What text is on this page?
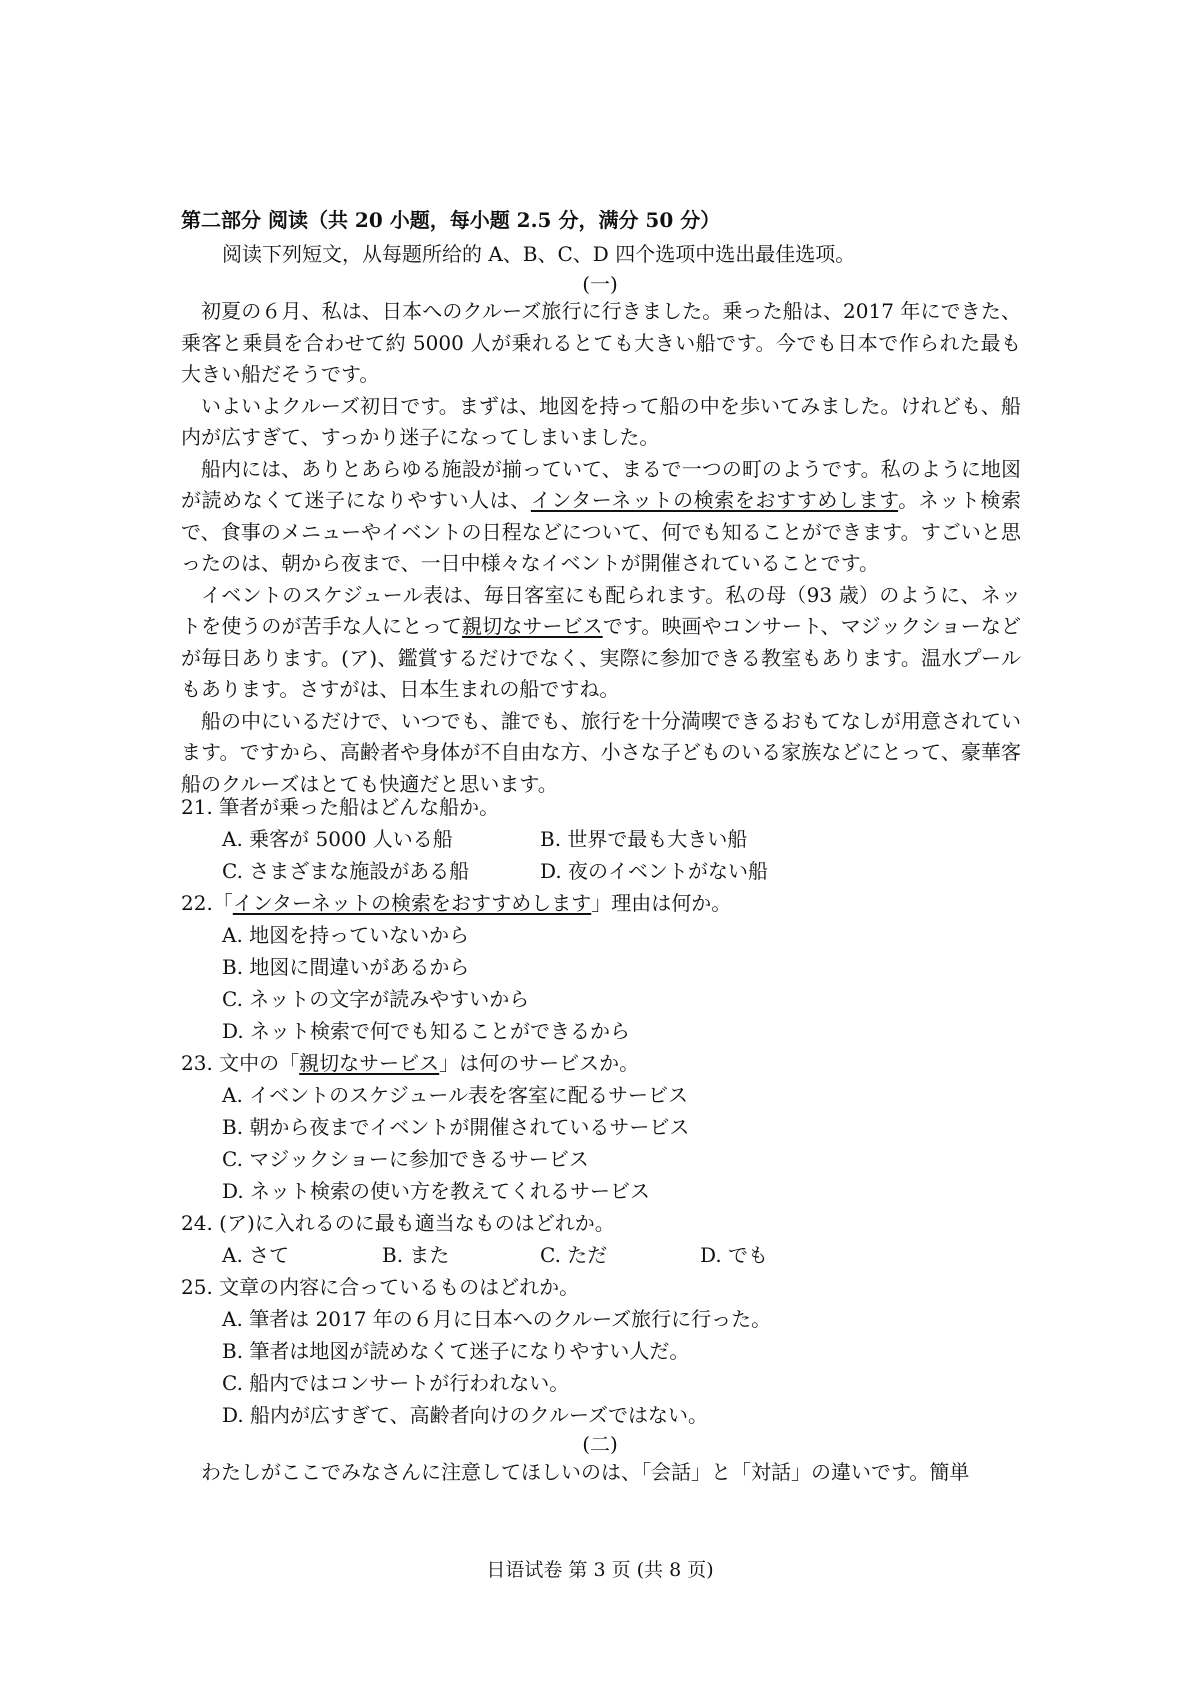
第二部分 阅读（共 20 小题，每小题 2.5 分，满分 50 分）
阅读下列短文，从每题所给的 A、B、C、D 四个选项中选出最佳选项。
(一)

初夏の６月、私は、日本へのクルーズ旅行に行きました。乗った船は、2017 年にできた、乗客と乗員を合わせて約 5000 人が乗れるとても大きい船です。今でも日本で作られた最も大きい船だそうです。

いよいよクルーズ初日です。まずは、地図を持って船の中を歩いてみました。けれども、船内が広すぎて、すっかり迷子になってしまいました。

船内には、ありとあらゆる施設が揃っていて、まるで一つの町のようです。私のように地図が読めなくて迷子になりやすい人は、インターネットの検索をおすすめします。ネット検索で、食事のメニューやイベントの日程などについて、何でも知ることができます。すごいと思ったのは、朝から夜まで、一日中様々なイベントが開催されていることです。

イベントのスケジュール表は、毎日客室にも配られます。私の母（93 歳）のように、ネットを使うのが苦手な人にとって親切なサービスです。映画やコンサート、マジックショーなどが毎日あります。(ア)、鑑賞するだけでなく、実際に参加できる教室もあります。温水プールもあります。さすがは、日本生まれの船ですね。

船の中にいるだけで、いつでも、誰でも、旅行を十分満喫できるおもてなしが用意されています。ですから、高齢者や身体が不自由な方、小さな子どものいる家族などにとって、豪華客船のクルーズはとても快適だと思います。

21. 筆者が乗った船はどんな船か。
A. 乗客が 5000 人いる船	B. 世界で最も大きい船
C. さまざまな施設がある船	D. 夜のイベントがない船
22.「インターネットの検索をおすすめします」理由は何か。
A. 地図を持っていないから
B. 地図に間違いがあるから
C. ネットの文字が読みやすいから
D. ネット検索で何でも知ることができるから
23. 文中の「親切なサービス」は何のサービスか。
A. イベントのスケジュール表を客室に配るサービス
B. 朝から夜までイベントが開催されているサービス
C. マジックショーに参加できるサービス
D. ネット検索の使い方を教えてくれるサービス
24. (ア)に入れるのに最も適当なものはどれか。
A. さて	B. また	C. ただ	D. でも
25. 文章の内容に合っているものはどれか。
A. 筆者は 2017 年の６月に日本へのクルーズ旅行に行った。
B. 筆者は地図が読めなくて迷子になりやすい人だ。
C. 船内ではコンサートが行われない。
D. 船内が広すぎて、高齢者向けのクルーズではない。
(二)

わたしがここでみなさんに注意してほしいのは、「会話」と「対話」の違いです。簡単

日语试卷 第 3 页 (共 8 页)
